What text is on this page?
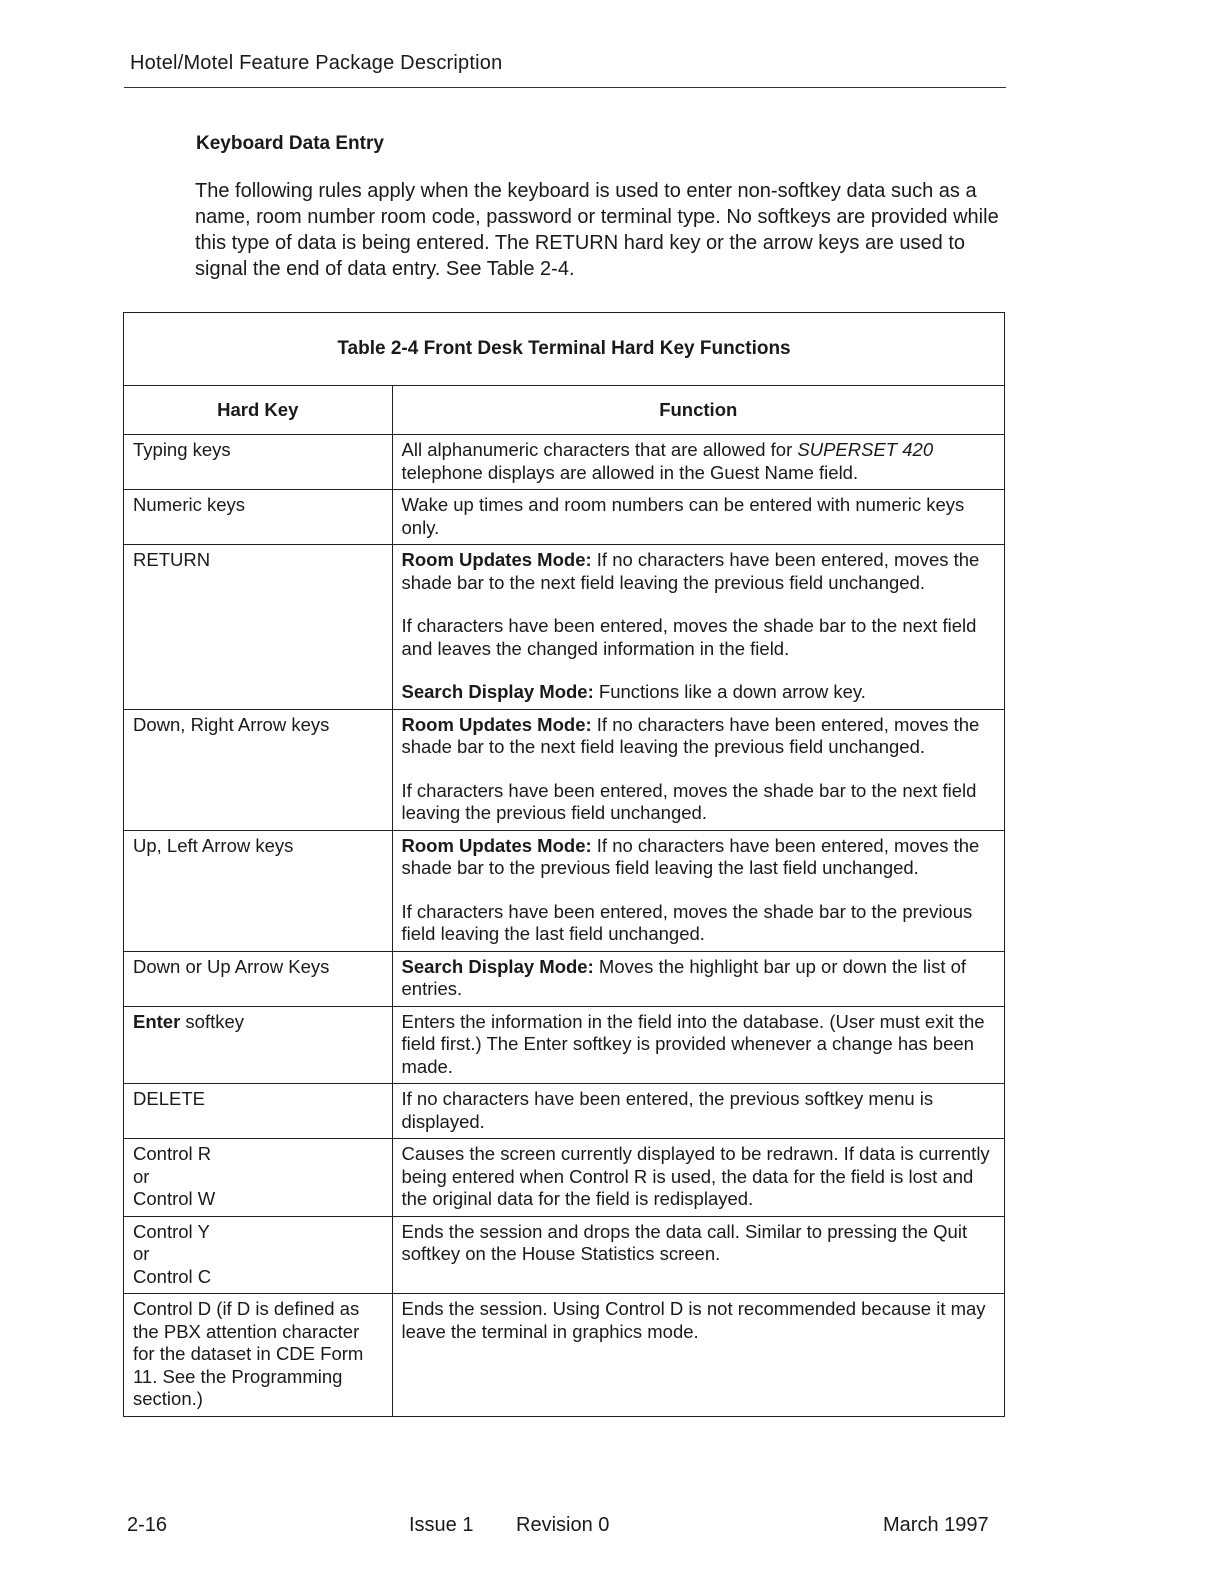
Hotel/Motel Feature Package Description
Keyboard Data Entry
The following rules apply when the keyboard is used to enter non-softkey data such as a name, room number room code, password or terminal type. No softkeys are provided while this type of data is being entered. The RETURN hard key or the arrow keys are used to signal the end of data entry. See Table 2-4.
Table 2-4 Front Desk Terminal Hard Key Functions
Hard Key	Function
Typing keys	All alphanumeric characters that are allowed for SUPERSET 420 telephone displays are allowed in the Guest Name field.

Numeric keys	Wake up times and room numbers can be entered with numeric keys only.

RETURN	Room Updates Mode: If no characters have been entered, moves the shade bar to the next field leaving the previous field unchanged.

If characters have been entered, moves the shade bar to the next field and leaves the changed information in the field.

Search Display Mode: Functions like a down arrow key.

Down, Right Arrow keys	Room Updates Mode: If no characters have been entered, moves the shade bar to the next field leaving the previous field unchanged.

If characters have been entered, moves the shade bar to the next field leaving the previous field unchanged.

Up, Left Arrow keys	Room Updates Mode: If no characters have been entered, moves the shade bar to the previous field leaving the last field unchanged.

If characters have been entered, moves the shade bar to the previous field leaving the last field unchanged.

Down or Up Arrow Keys	Search Display Mode: Moves the highlight bar up or down the list of entries.

Enter softkey	Enters the information in the field into the database. (User must exit the field first.) The Enter softkey is provided whenever a change has been made.

DELETE	If no characters have been entered, the previous softkey menu is displayed.

Control R
or
Control W	Causes the screen currently displayed to be redrawn. If data is currently being entered when Control R is used, the data for the field is lost and the original data for the field is redisplayed.

Control Y
or
Control C	Ends the session and drops the data call. Similar to pressing the Quit softkey on the House Statistics screen.

Control D (if D is defined as the PBX attention character for the dataset in CDE Form 11. See the Programming section.)	Ends the session. Using Control D is not recommended because it may leave the terminal in graphics mode.

2-16	Issue 1 Revision 0	March 1997
